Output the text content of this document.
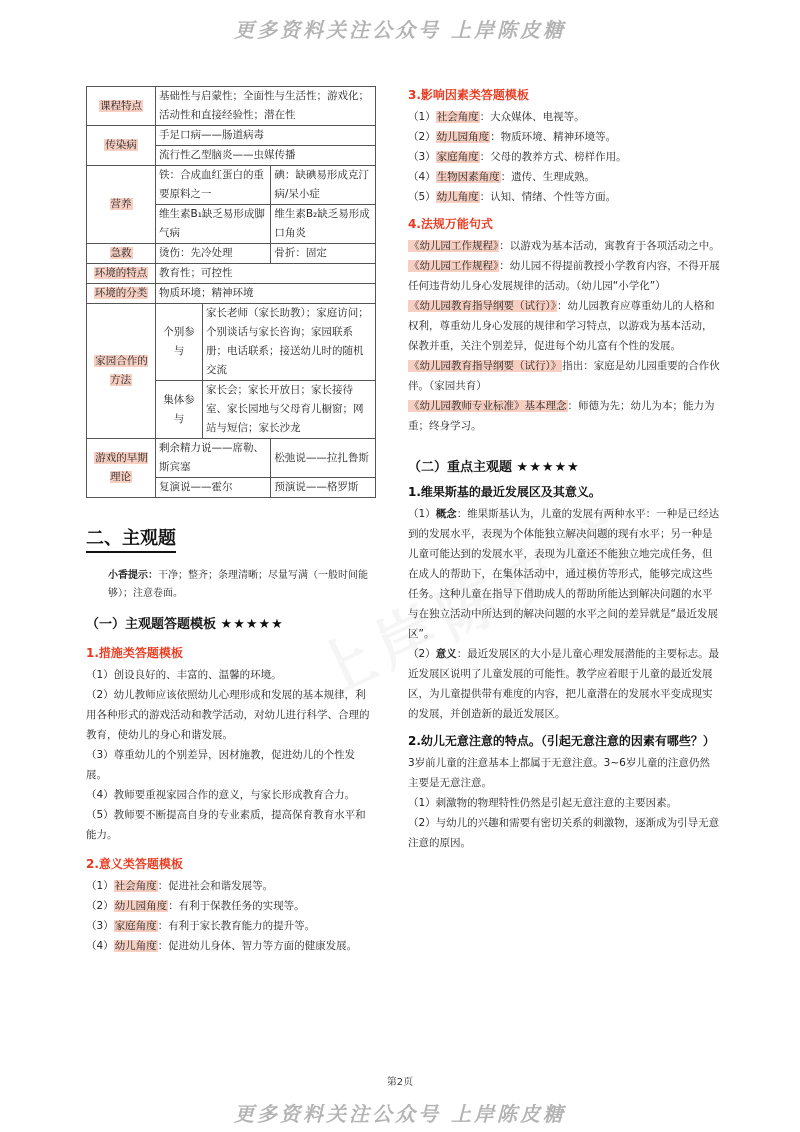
更多资料关注公众号 上岸陈皮糖
课程特点	基础性与启蒙性；全面性与生活性；游戏化；活动性和直接经验性；潜在性		
传染病	手足口病——肠道病毒		
	流行性乙型脑炎——虫媒传播		
营养	铁：合成血红蛋白的重要原料之一		碘：缺碘易形成克汀病/呆小症
	维生素B₁缺乏易形成脚气病		维生素B₂缺乏易形成口角炎
急救	烫伤：先冷处理		骨折：固定
环境的特点	教育性；可控性		
环境的分类	物质环境；精神环境		
家园合作的方法	个别参与	家长老师（家长助教）；家庭访问；个别谈话与家长咨询；家园联系册；电话联系；接送幼儿时的随机交流	
	集体参与	家长会；家长开放日；家长接待室、家长园地与父母育儿橱窗；网站与短信；家长沙龙	
游戏的早期理论	剩余精力说——席勒、斯宾塞		松弛说——拉扎鲁斯
	复演说——霍尔		预演说——格罗斯

二、主观题

小香提示：干净；整齐；条理清晰；尽量写满（一般时间能够）；注意卷面。

（一）主观题答题模板 ★★★★★

1.措施类答题模板

（1）创设良好的、丰富的、温馨的环境。

（2）幼儿教师应该依照幼儿心理形成和发展的基本规律，利用各种形式的游戏活动和教学活动，对幼儿进行科学、合理的教育，使幼儿的身心和谐发展。

（3）尊重幼儿的个别差异，因材施教，促进幼儿的个性发展。

（4）教师要重视家园合作的意义，与家长形成教育合力。

（5）教师要不断提高自身的专业素质，提高保育教育水平和能力。

2.意义类答题模板

（1）社会角度：促进社会和谐发展等。

（2）幼儿园角度：有利于保教任务的实现等。

（3）家庭角度：有利于家长教育能力的提升等。

（4）幼儿角度：促进幼儿身体、智力等方面的健康发展。

3.影响因素类答题模板

（1）社会角度：大众媒体、电视等。

（2）幼儿园角度：物质环境、精神环境等。

（3）家庭角度：父母的教养方式、榜样作用。

（4）生物因素角度：遗传、生理成熟。

（5）幼儿角度：认知、情绪、个性等方面。

4.法规万能句式

《幼儿园工作规程》：以游戏为基本活动，寓教育于各项活动之中。

《幼儿园工作规程》：幼儿园不得提前教授小学教育内容，不得开展任何违背幼儿身心发展规律的活动。（幼儿园“小学化”）

《幼儿园教育指导纲要（试行）》：幼儿园教育应尊重幼儿的人格和权利，尊重幼儿身心发展的规律和学习特点，以游戏为基本活动，保教并重，关注个别差异，促进每个幼儿富有个性的发展。

《幼儿园教育指导纲要（试行）》指出：家庭是幼儿园重要的合作伙伴。（家园共育）

《幼儿园教师专业标准》基本理念：师德为先；幼儿为本；能力为重；终身学习。

（二）重点主观题 ★★★★★

1.维果斯基的最近发展区及其意义。

（1）概念：维果斯基认为，儿童的发展有两种水平：一种是已经达到的发展水平，表现为个体能独立解决问题的现有水平；另一种是儿童可能达到的发展水平，表现为儿童还不能独立地完成任务，但在成人的帮助下，在集体活动中，通过模仿等形式，能够完成这些任务。这种儿童在指导下借助成人的帮助所能达到解决问题的水平与在独立活动中所达到的解决问题的水平之间的差异就是“最近发展区”。

（2）意义：最近发展区的大小是儿童心理发展潜能的主要标志。最近发展区说明了儿童发展的可能性。教学应着眼于儿童的最近发展区，为儿童提供带有难度的内容，把儿童潜在的发展水平变成现实的发展，并创造新的最近发展区。

2.幼儿无意注意的特点。（引起无意注意的因素有哪些？）

3岁前儿童的注意基本上都属于无意注意。3~6岁儿童的注意仍然主要是无意注意。

（1）刺激物的物理特性仍然是引起无意注意的主要因素。

（2）与幼儿的兴趣和需要有密切关系的刺激物，逐渐成为引导无意注意的原因。

第2页
更多资料关注公众号 上岸陈皮糖
